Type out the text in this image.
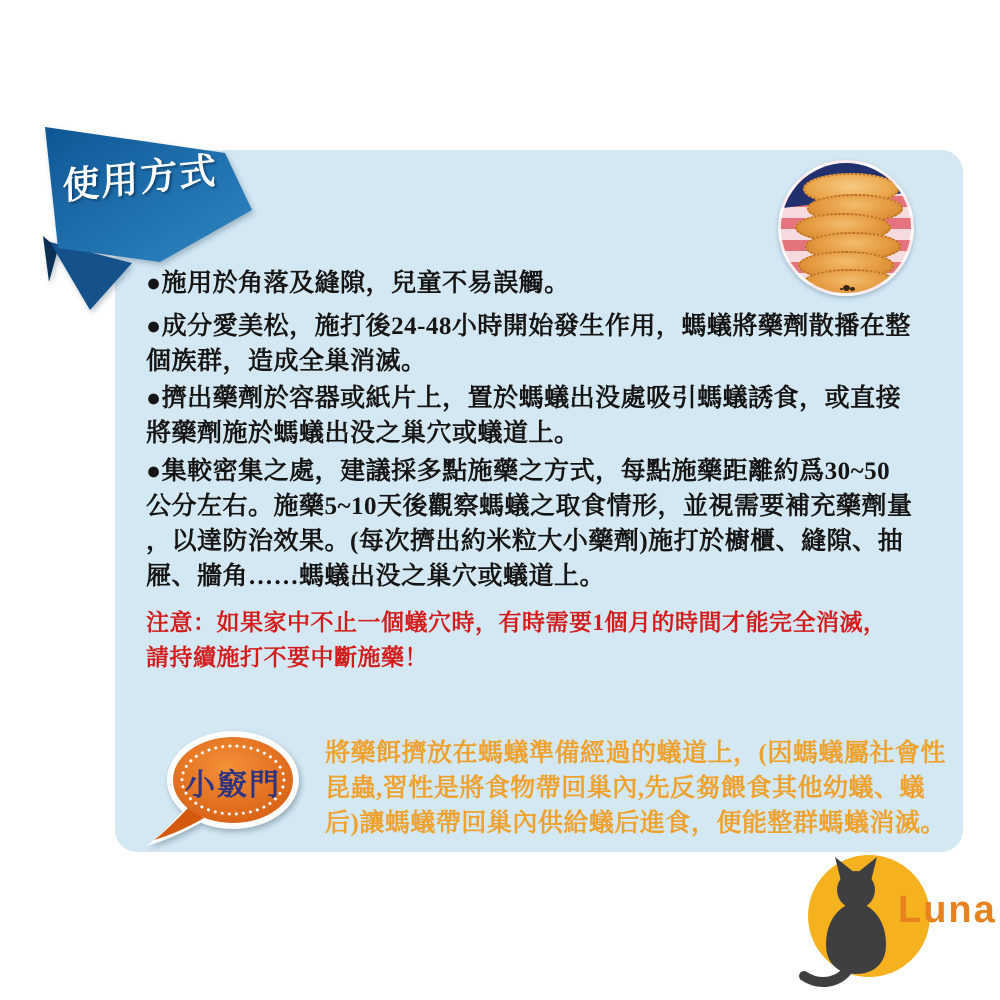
使用方式
●施用於角落及縫隙，兒童不易誤觸。
●成分愛美松，施打後24-48小時開始發生作用，螞蟻將藥劑散播在整
個族群，造成全巢消滅。
●擠出藥劑於容器或紙片上，置於螞蟻出没處吸引螞蟻誘食，或直接
將藥劑施於螞蟻出没之巢穴或蟻道上。
●集較密集之處，建議採多點施藥之方式，每點施藥距離約爲30~50
公分左右。施藥5~10天後觀察螞蟻之取食情形，並視需要補充藥劑量
，以達防治效果。(每次擠出約米粒大小藥劑)施打於櫥櫃、縫隙、抽
屜、牆角……螞蟻出没之巢穴或蟻道上。
注意：如果家中不止一個蟻穴時，有時需要1個月的時間才能完全消滅，
請持續施打不要中斷施藥！
小竅門
將藥餌擠放在螞蟻準備經過的蟻道上，(因螞蟻屬社會性
昆蟲,習性是將食物帶回巢內,先反芻餵食其他幼蟻、蟻
后)讓螞蟻帶回巢內供給蟻后進食，便能整群螞蟻消滅。
Luna
